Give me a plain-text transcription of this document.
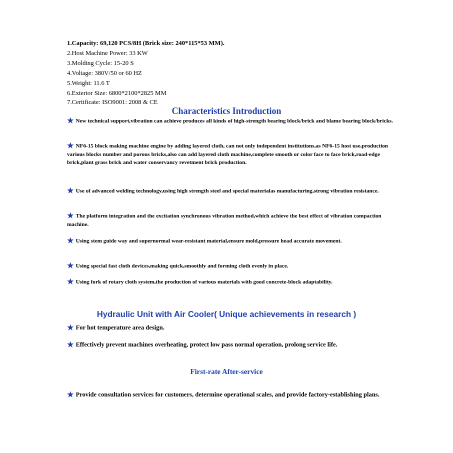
1.Capacity: 69,120 PCS/8H (Brick size: 240*115*53 MM).
2.Host Machine Power: 33 KW
3.Molding Cycle: 15-20 S
4.Voltage: 380V/50 or 60 HZ
5.Weight: 11.6 T
6.Exterior Size: 6800*2100*2825 MM
7.Certificate: ISO9001: 2008 & CE
Characteristics Introduction
★ New technical support,vibration can achieve produces all kinds of high-strength bearing block/brick and blame bearing block/bricks.
★ NF6-15 block making machine engine by adding layered cloth, can not only independent institutions,as NF6-15 host use,production various blocks number and porous bricks,also can add layered cloth machine,complete smooth or color face to face brick,road-edge brick,plant grass brick and water conservancy revetment brick production.
★ Use of advanced welding technology,using high strength steel and special materialas manufacturing,strong vibration resistance.
★ The platform integration and the excitation synchronous vibration method,which achieve the best effect of vibration compaction machine.
★ Using stem guide way and supernormal wear-resistant material,ensure mold,pressure head accurate movement.
★ Using special fast cloth devices,making quick,smoothly and forming cloth evenly in place.
★ Using fork of rotary cloth system,the production of various materials with good concrete-block adaptability.
Hydraulic Unit with Air Cooler( Unique achievements in research )
★ For hot temperature area design.
★ Effectively prevent machines overheating, protect low pass normal operation, prolong service life.
First-rate After-service
★ Provide consultation services for customers, determine operational scales, and provide factory-establishing plans.
